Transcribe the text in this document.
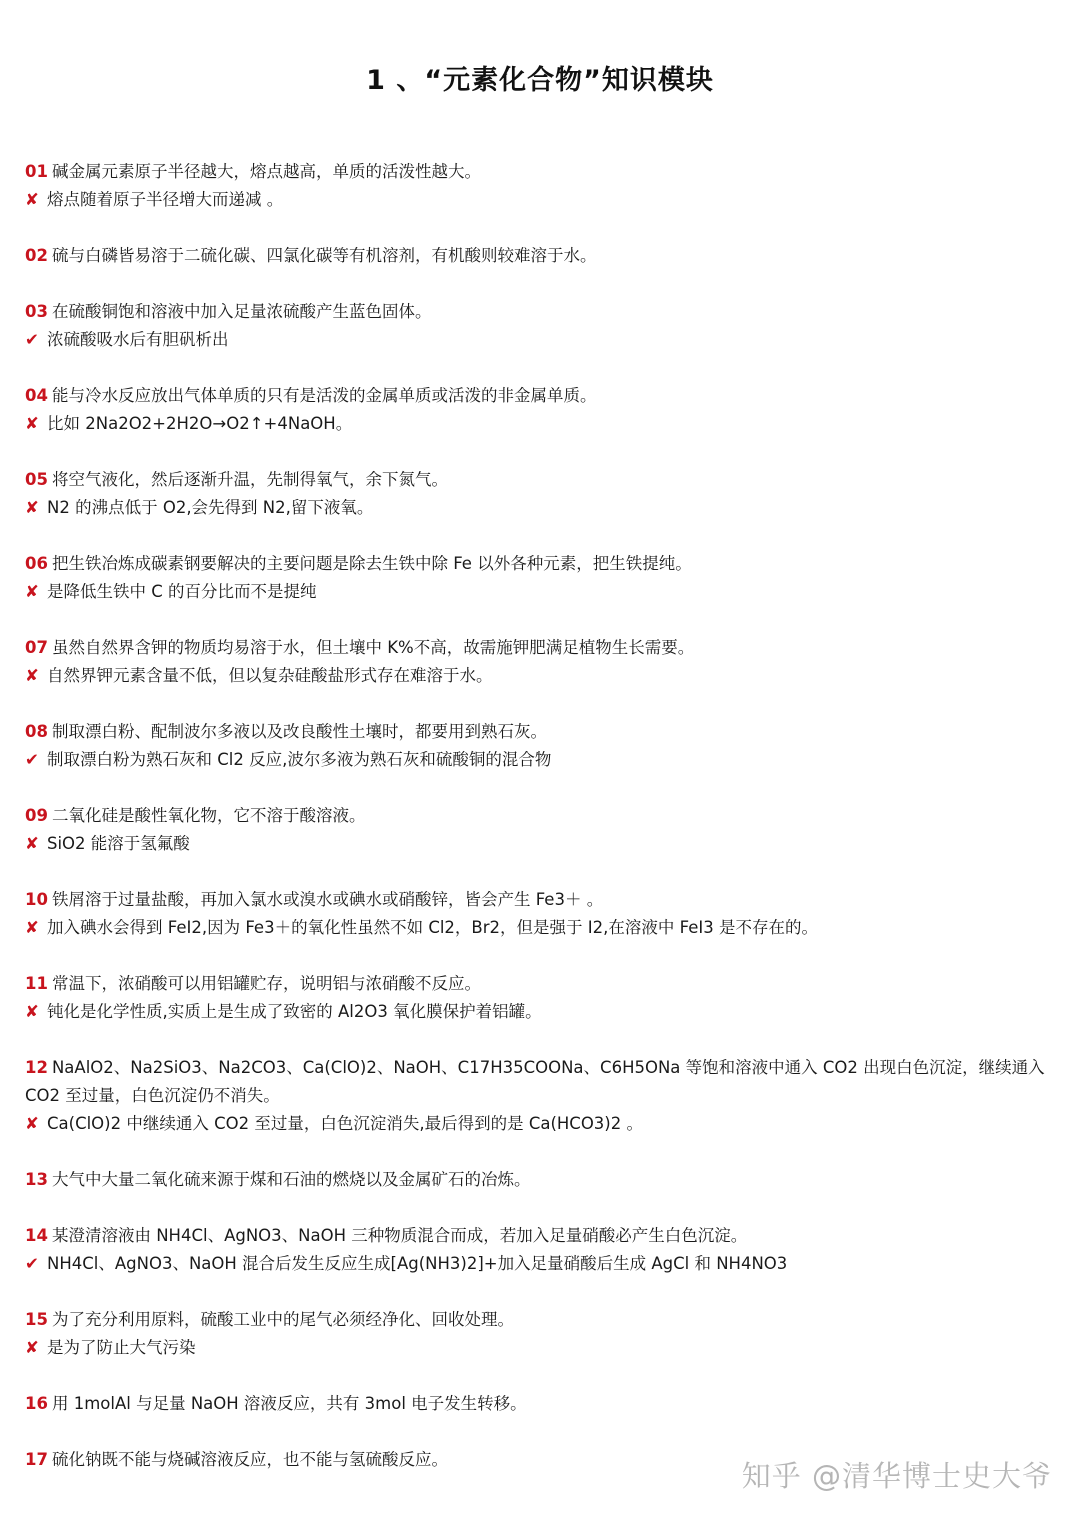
1 、“元素化合物”知识模块
01 碱金属元素原子半径越大，熔点越高，单质的活泼性越大。
✘ 熔点随着原子半径增大而递减 。
02 硫与白磷皆易溶于二硫化碳、四氯化碳等有机溶剂，有机酸则较难溶于水。
03 在硫酸铜饱和溶液中加入足量浓硫酸产生蓝色固体。
✔ 浓硫酸吸水后有胆矾析出
04 能与冷水反应放出气体单质的只有是活泼的金属单质或活泼的非金属单质。
✘ 比如 2Na2O2+2H2O→O2↑+4NaOH。
05 将空气液化，然后逐渐升温，先制得氧气，余下氮气。
✘ N2 的沸点低于 O2,会先得到 N2,留下液氧。
06 把生铁冶炼成碳素钢要解决的主要问题是除去生铁中除 Fe 以外各种元素，把生铁提纯。
✘ 是降低生铁中 C 的百分比而不是提纯
07 虽然自然界含钾的物质均易溶于水，但土壤中 K%不高，故需施钾肥满足植物生长需要。
✘ 自然界钾元素含量不低，但以复杂硅酸盐形式存在难溶于水。
08 制取漂白粉、配制波尔多液以及改良酸性土壤时，都要用到熟石灰。
✔ 制取漂白粉为熟石灰和 Cl2 反应,波尔多液为熟石灰和硫酸铜的混合物
09 二氧化硅是酸性氧化物，它不溶于酸溶液。
✘ SiO2 能溶于氢氟酸
10 铁屑溶于过量盐酸，再加入氯水或溴水或碘水或硝酸锌，皆会产生 Fe3＋ 。
✘ 加入碘水会得到 FeI2,因为 Fe3＋的氧化性虽然不如 Cl2，Br2，但是强于 I2,在溶液中 FeI3 是不存在的。
11 常温下，浓硝酸可以用铝罐贮存，说明铝与浓硝酸不反应。
✘ 钝化是化学性质,实质上是生成了致密的 Al2O3 氧化膜保护着铝罐。
12 NaAlO2、Na2SiO3、Na2CO3、Ca(ClO)2、NaOH、C17H35COONa、C6H5ONa 等饱和溶液中通入 CO2 出现白色沉淀，继续通入 CO2 至过量，白色沉淀仍不消失。
✘ Ca(ClO)2 中继续通入 CO2 至过量，白色沉淀消失,最后得到的是 Ca(HCO3)2 。
13 大气中大量二氧化硫来源于煤和石油的燃烧以及金属矿石的冶炼。
14 某澄清溶液由 NH4Cl、AgNO3、NaOH 三种物质混合而成，若加入足量硝酸必产生白色沉淀。
✔ NH4Cl、AgNO3、NaOH 混合后发生反应生成[Ag(NH3)2]+加入足量硝酸后生成 AgCl 和 NH4NO3
15 为了充分利用原料，硫酸工业中的尾气必须经净化、回收处理。
✘ 是为了防止大气污染
16 用 1molAl 与足量 NaOH 溶液反应，共有 3mol 电子发生转移。
17 硫化钠既不能与烧碱溶液反应，也不能与氢硫酸反应。	知乎 @清华博士史大爷
